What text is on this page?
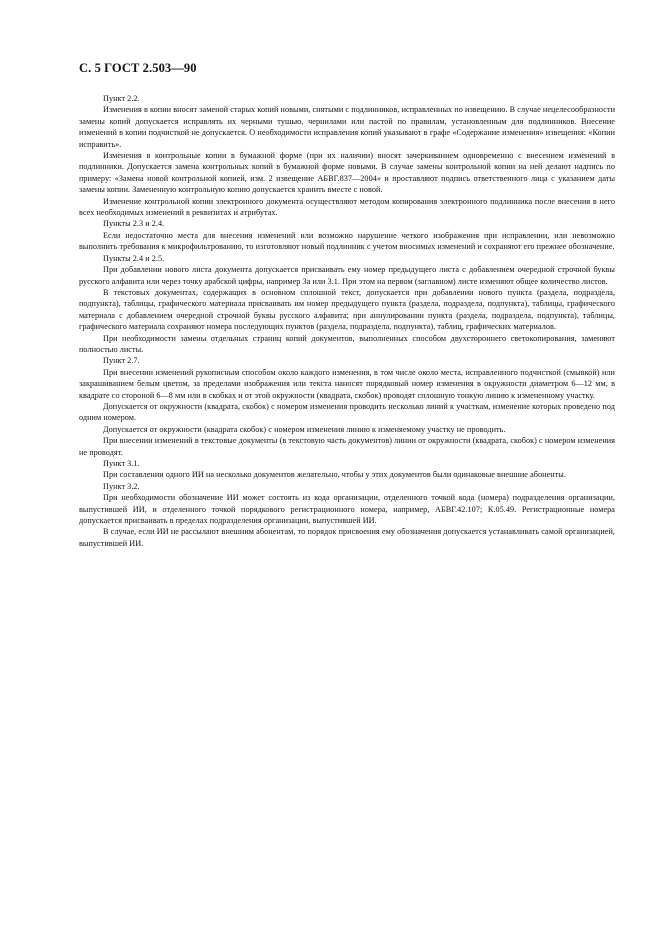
С. 5 ГОСТ 2.503—90

Пункт 2.2.

Изменения в копии вносят заменой старых копий новыми, снятыми с подлинников, исправленных по извещению. В случае нецелесообразности замены копий допускается исправлять их черными тушью, чернилами или пастой по правилам, установленным для подлинников. Внесение изменений в копии подчисткой не допускается. О необходимости исправления копий указывают в графе «Содержание изменения» извещения: «Копии исправить».

Изменения в контрольные копии в бумажной форме (при их наличии) вносят зачеркиванием одновременно с внесением изменений в подлинники. Допускается замена контрольных копий в бумажной форме новыми. В случае замены контрольной копии на ней делают надпись по примеру: «Замена новой контрольной копией, изм. 2 извещение АБВГ.837—2004» и проставляют подпись ответственного лица с указанием даты замены копии. Замененную контрольную копию допускается хранить вместе с новой.

Изменение контрольной копии электронного документа осуществляют методом копирования электронного подлинника после внесения в него всех необходимых изменений в реквизитах и атрибутах.

Пункты 2.3 и 2.4.

Если недостаточно места для внесения изменений или возможно нарушение четкого изображения при исправлении, или невозможно выполнить требования к микрофильтрованию, то изготовляют новый подлинник с учетом вносимых изменений и сохраняют его прежнее обозначение.

Пункты 2.4 и 2.5.

При добавлении нового листа документа допускается присваивать ему номер предыдущего листа с добавлением очередной строчной буквы русского алфавита или через точку арабской цифры, например 3а или 3.1. При этом на первом (заглавном) листе изменяют общее количество листов.

В текстовых документах, содержащих в основном сплошной текст, допускается при добавлении нового пункта (раздела, подраздела, подпункта), таблицы, графического материала присваивать им номер предыдущего пункта (раздела, подраздела, подпункта), таблицы, графического материала с добавлением очередной строчной буквы русского алфавита; при аннулировании пункта (раздела, подраздела, подпункта), таблицы, графического материала сохраняют номера последующих пунктов (раздела, подраздела, подпункта), таблиц, графических материалов.

При необходимости замены отдельных страниц копий документов, выполненных способом двухстороннего светокопирования, заменяют полностью листы.

Пункт 2.7.

При внесении изменений рукописным способом около каждого изменения, в том числе около места, исправленного подчисткой (смывкой) или закрашиванием белым цветом, за пределами изображения или текста наносят порядковый номер изменения в окружности диаметром 6—12 мм, в квадрате со стороной 6—8 мм или в скобках и от этой окружности (квадрата, скобок) проводят сплошную тонкую линию к измененному участку.

Допускается от окружности (квадрата, скобок) с номером изменения проводить несколько линий к участкам, изменение которых проведено под одним номером.

Допускается от окружности (квадрата скобок) с номером изменения линию к изменяемому участку не проводить.

При внесении изменений в текстовые документы (в текстовую часть документов) линии от окружности (квадрата, скобок) с номером изменения не проводят.

Пункт 3.1.

При составлении одного ИИ на несколько документов желательно, чтобы у этих документов были одинаковые внешние абоненты.

Пункт 3.2.

При необходимости обозначение ИИ может состоять из кода организации, отделенного точкой кода (номера) подразделения организации, выпустившей ИИ, и отделенного точкой порядкового регистрационного номера, например, АБВГ.42.107; К.05.49. Регистрационные номера допускается присваивать в пределах подразделения организации, выпустившей ИИ.

В случае, если ИИ не рассылают внешним абонентам, то порядок присвоения ему обозначения допускается устанавливать самой организацией, выпустившей ИИ.
